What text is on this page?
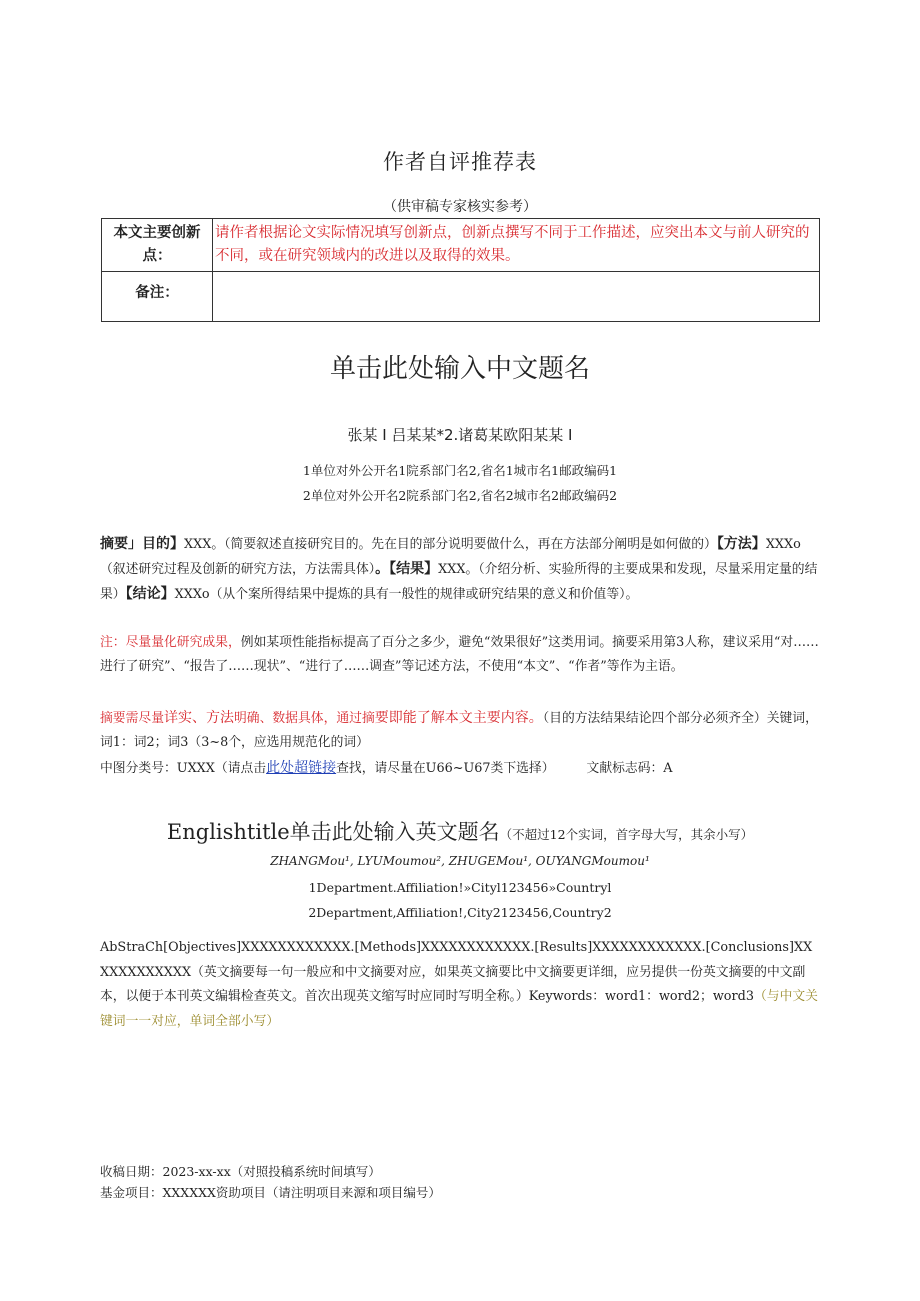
作者自评推荐表
（供审稿专家核实参考）
本文主要创新点：	请作者根据论文实际情况填写创新点，创新点撰写不同于工作描述，应突出本文与前人研究的不同，或在研究领域内的改进以及取得的效果。
备注：	
单击此处输入中文题名
张某 I 吕某某*2.诸葛某欧阳某某 I
1单位对外公开名1院系部门名2,省名1城市名1邮政编码1
2单位对外公开名2院系部门名2,省名2城市名2邮政编码2
摘要」目的】XXX。（简要叙述直接研究目的。先在目的部分说明要做什么，再在方法部分阐明是如何做的）【方法】XXXo（叙述研究过程及创新的研究方法，方法需具体）。【结果】XXX。（介绍分析、实验所得的主要成果和发现，尽量采用定量的结果）【结论】XXXo（从个案所得结果中提炼的具有一般性的规律或研究结果的意义和价值等）。
注：尽量量化研究成果，例如某项性能指标提高了百分之多少，避免“效果很好”这类用词。摘要采用第3人称，建议采用“对……进行了研究”、“报告了……现状”、“进行了……调查”等记述方法，不使用“本文”、“作者”等作为主语。
摘要需尽量详实、方法明确、数据具体，通过摘要即能了解本文主要内容。（目的方法结果结论四个部分必须齐全）关键词，词1：词2；词3（3~8个，应选用规范化的词）
中图分类号：UXXX（请点击此处超链接查找，请尽量在U66~U67类下选择）	文献标志码：A
Englishtitle单击此处输入英文题名（不超过12个实词，首字母大写，其余小写）
ZHANGMou¹, LYUMoumou², ZHUGEMou¹, OUYANGMoumou¹
1Department.Affiliation!»Cityl123456»Countryl
2Department,Affiliation!,City2123456,Country2
AbStraCh[Objectives]XXXXXXXXXXXX.[Methods]XXXXXXXXXXXX.[Results]XXXXXXXXXXXX.[Conclusions]XXXXXXXXXXXX（英文摘要每一句一般应和中文摘要对应，如果英文摘要比中文摘要更详细，应另提供一份英文摘要的中文副本，以便于本刊英文编辑检查英文。首次出现英文缩写时应同时写明全称。）Keywords：word1：word2；word3（与中文关键词一一对应，单词全部小写）
收稿日期：2023-xx-xx（对照投稿系统时间填写）
基金项目：XXXXXX资助项目（请注明项目来源和项目编号）
